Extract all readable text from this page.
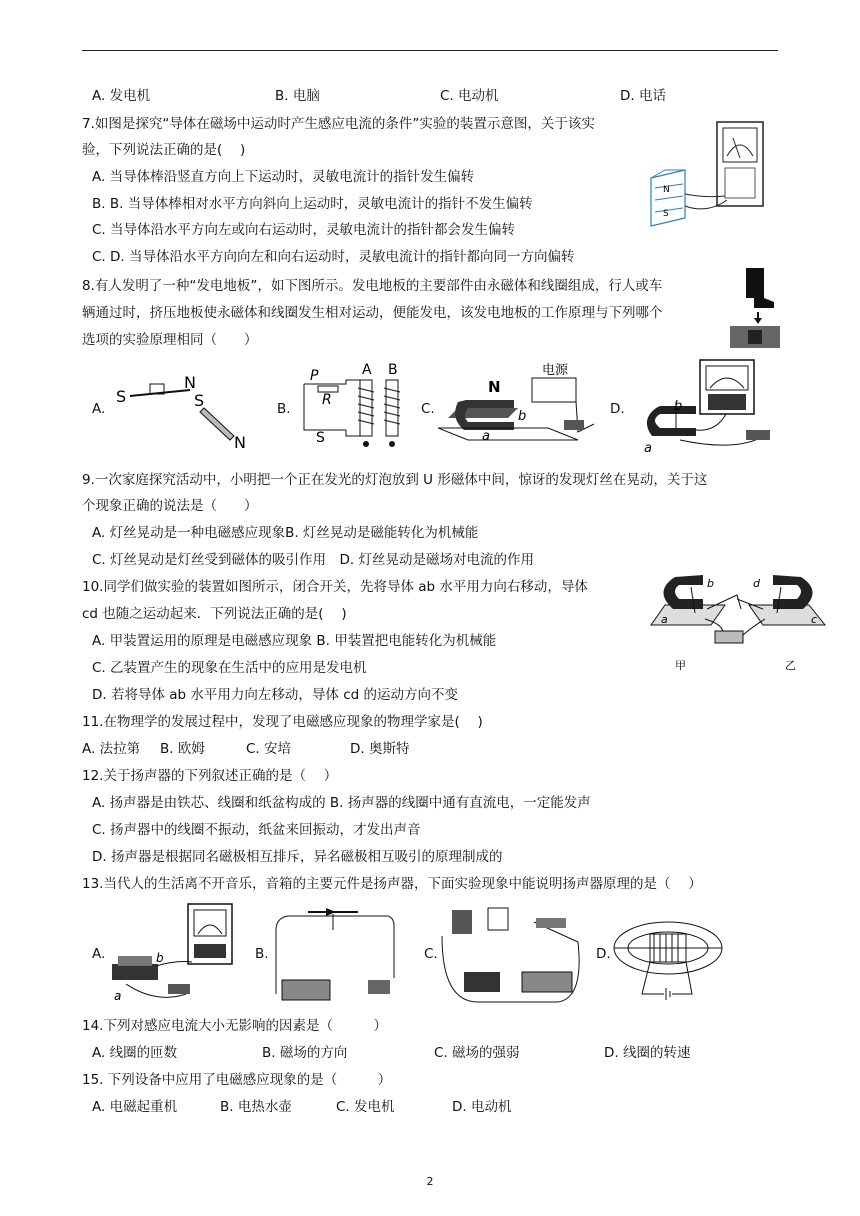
A. 发电机	B. 电脑	C. 电动机	D. 电话
7.如图是探究“导体在磁场中运动时产生感应电流的条件”实验的装置示意图，关于该实
验，下列说法正确的是(　 )
A. 当导体棒沿竖直方向上下运动时，灵敏电流计的指针发生偏转
B. B. 当导体棒相对水平方向斜向上运动时，灵敏电流计的指针不发生偏转
C. 当导体沿水平方向左或向右运动时，灵敏电流计的指针都会发生偏转
C. D. 当导体沿水平方向向左和向右运动时，灵敏电流计的指针都向同一方向偏转
N
S
8.有人发明了一种“发电地板”，如下图所示。发电地板的主要部件由永磁体和线圈组成，行人或车
辆通过时，挤压地板使永磁体和线圈发生相对运动，便能发电，该发电地板的工作原理与下列哪个
选项的实验原理相同（　　）
A.
S
N
S
N
B.
P
R
S
A B
C.
电源
N
b
a
D.	b
a
9.一次家庭探究活动中，小明把一个正在发光的灯泡放到 U 形磁体中间，惊讶的发现灯丝在晃动，关于这
个现象正确的说法是（　　）
A. 灯丝晃动是一种电磁感应现象B. 灯丝晃动是磁能转化为机械能
C. 灯丝晃动是灯丝受到磁体的吸引作用　D. 灯丝晃动是磁场对电流的作用
10.同学们做实验的装置如图所示，闭合开关，先将导体 ab 水平用力向右移动，导体
cd 也随之运动起来．下列说法正确的是(　 )
A. 甲装置运用的原理是电磁感应现象 B. 甲装置把电能转化为机械能
C. 乙装置产生的现象在生活中的应用是发电机
D. 若将导体 ab 水平用力向左移动，导体 cd 的运动方向不变
b	d
a	c
甲	乙
11.在物理学的发展过程中，发现了电磁感应现象的物理学家是(　 )
A. 法拉第 B. 欧姆	C. 安培	D. 奥斯特
12.关于扬声器的下列叙述正确的是（　 ）
A. 扬声器是由铁芯、线圈和纸盆构成的 B. 扬声器的线圈中通有直流电，一定能发声
C. 扬声器中的线圈不振动，纸盆来回振动，才发出声音
D. 扬声器是根据同名磁极相互排斥，异名磁极相互吸引的原理制成的
13.当代人的生活离不开音乐，音箱的主要元件是扬声器，下面实验现象中能说明扬声器原理的是（　 ）
A.	b
a
B.	C.	D.
14.下列对感应电流大小无影响的因素是（　　　）
A. 线圈的匝数	B. 磁场的方向	C. 磁场的强弱	D. 线圈的转速
15. 下列设备中应用了电磁感应现象的是（　　　）
A. 电磁起重机	B. 电热水壶	C. 发电机	D. 电动机
2
